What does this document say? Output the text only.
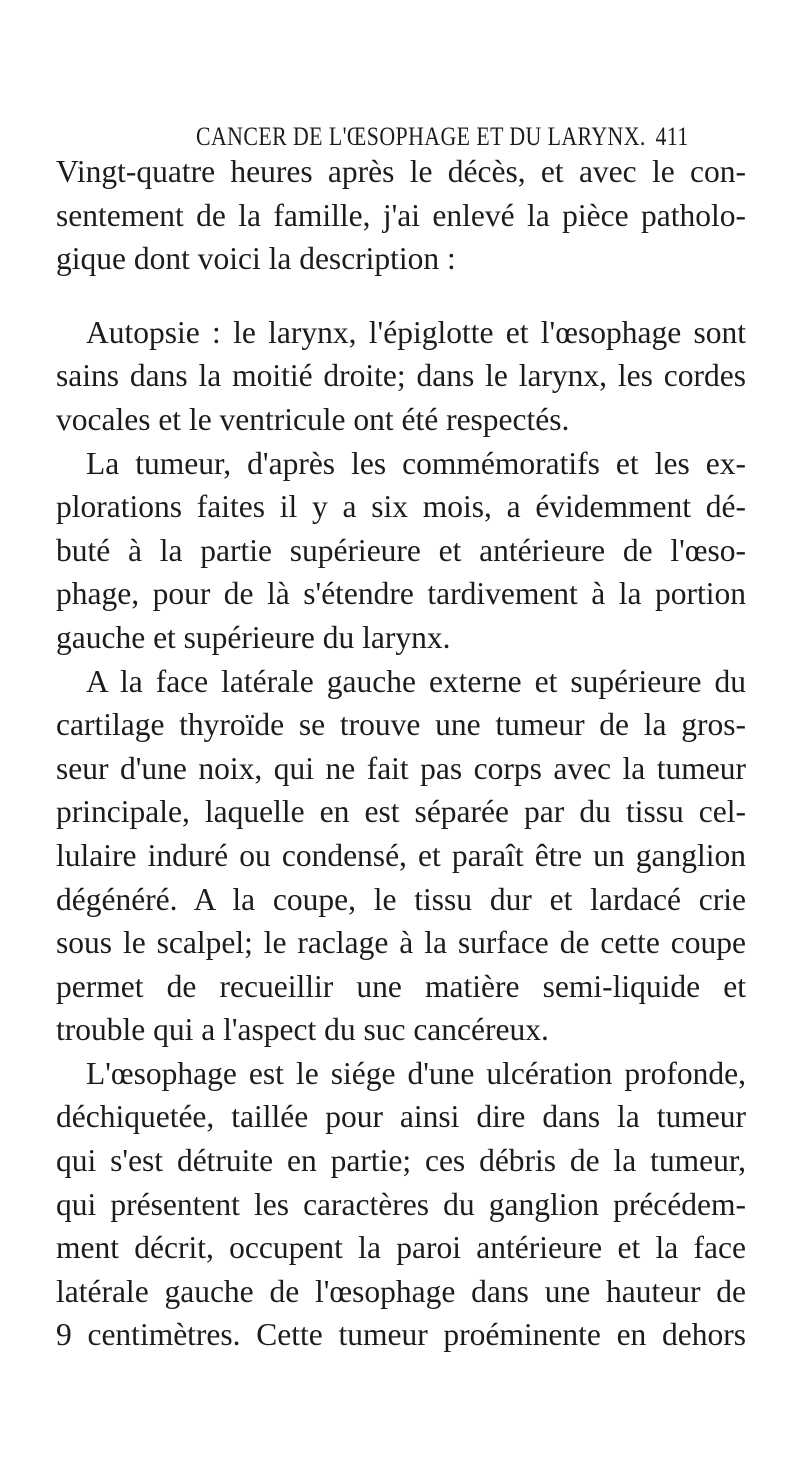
CANCER DE L'ŒSOPHAGE ET DU LARYNX. 411
Vingt-quatre heures après le décès, et avec le con-
sentement de la famille, j'ai enlevé la pièce patholo-
gique dont voici la description :
Autopsie : le larynx, l'épiglotte et l'œsophage sont
sains dans la moitié droite; dans le larynx, les cordes
vocales et le ventricule ont été respectés.
La tumeur, d'après les commémoratifs et les ex-
plorations faites il y a six mois, a évidemment dé-
buté à la partie supérieure et antérieure de l'œso-
phage, pour de là s'étendre tardivement à la portion
gauche et supérieure du larynx.
A la face latérale gauche externe et supérieure du
cartilage thyroïde se trouve une tumeur de la gros-
seur d'une noix, qui ne fait pas corps avec la tumeur
principale, laquelle en est séparée par du tissu cel-
lulaire induré ou condensé, et paraît être un ganglion
dégénéré. A la coupe, le tissu dur et lardacé crie
sous le scalpel; le raclage à la surface de cette coupe
permet de recueillir une matière semi-liquide et
trouble qui a l'aspect du suc cancéreux.
L'œsophage est le siége d'une ulcération profonde,
déchiquetée, taillée pour ainsi dire dans la tumeur
qui s'est détruite en partie; ces débris de la tumeur,
qui présentent les caractères du ganglion précédem-
ment décrit, occupent la paroi antérieure et la face
latérale gauche de l'œsophage dans une hauteur de
9 centimètres. Cette tumeur proéminente en dehors
